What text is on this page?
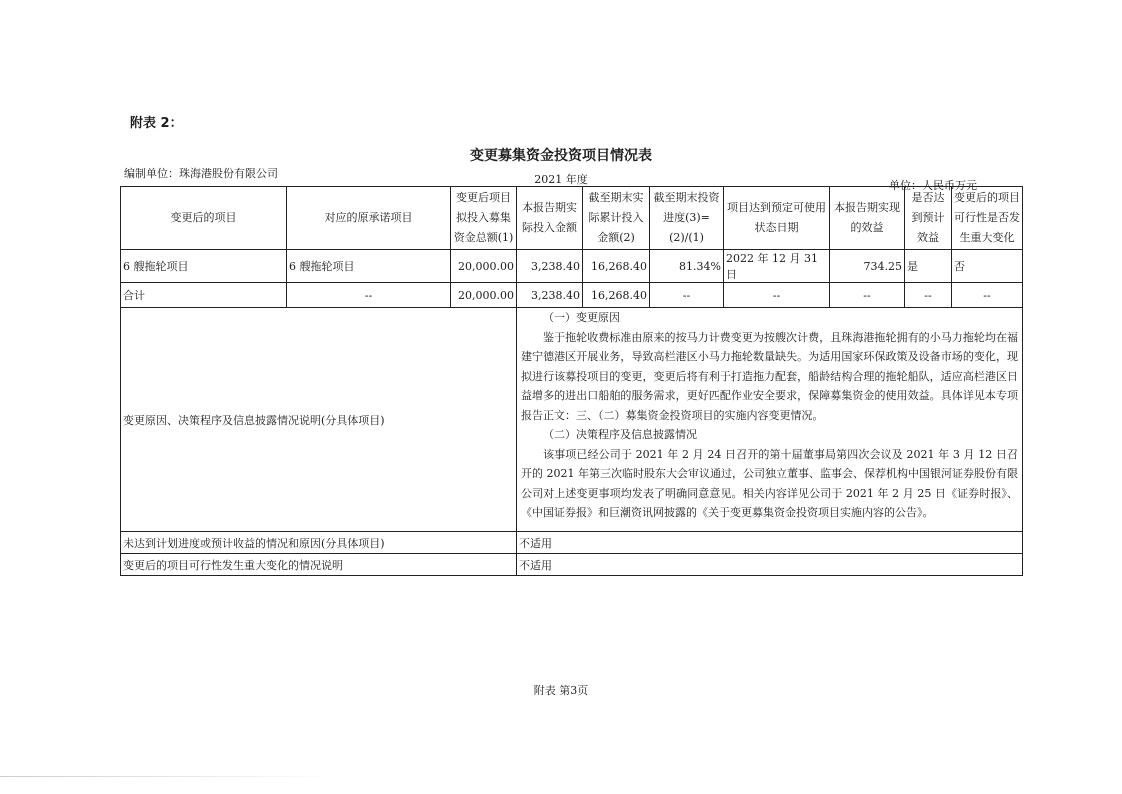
附表 2：
变更募集资金投资项目情况表
编制单位：珠海港股份有限公司	2021 年度	单位：人民币万元
变更后的项目	对应的原承诺项目	变更后项目拟投入募集资金总额(1)	本报告期实际投入金额	截至期末实际累计投入金额(2)	截至期末投资进度(3)=(2)/(1)	项目达到预定可使用状态日期	本报告期实现的效益	是否达到预计效益	变更后的项目可行性是否发生重大变化
6 艘拖轮项目	6 艘拖轮项目	20,000.00	3,238.40	16,268.40	81.34%	2022 年 12 月 31 日	734.25	是	否
合计	--	20,000.00	3,238.40	16,268.40	--	--	--	--	--
变更原因、决策程序及信息披露情况说明(分具体项目)			（一）变更原因
鉴于拖轮收费标准由原来的按马力计费变更为按艘次计费，且珠海港拖轮拥有的小马力拖轮均在福建宁德港区开展业务，导致高栏港区小马力拖轮数量缺失。为适用国家环保政策及设备市场的变化，现拟进行该募投项目的变更，变更后将有利于打造拖力配套，船龄结构合理的拖轮船队，适应高栏港区日益增多的进出口船舶的服务需求，更好匹配作业安全要求，保障募集资金的使用效益。具体详见本专项报告正文：三、（二）募集资金投资项目的实施内容变更情况。
（二）决策程序及信息披露情况
该事项已经公司于 2021 年 2 月 24 日召开的第十届董事局第四次会议及 2021 年 3 月 12 日召开的 2021 年第三次临时股东大会审议通过，公司独立董事、监事会、保荐机构中国银河证券股份有限公司对上述变更事项均发表了明确同意意见。相关内容详见公司于 2021 年 2 月 25 日《证券时报》、《中国证券报》和巨潮资讯网披露的《关于变更募集资金投资项目实施内容的公告》。						

未达到计划进度或预计收益的情况和原因(分具体项目)			不适用						
变更后的项目可行性发生重大变化的情况说明			不适用						
附表 第3页
